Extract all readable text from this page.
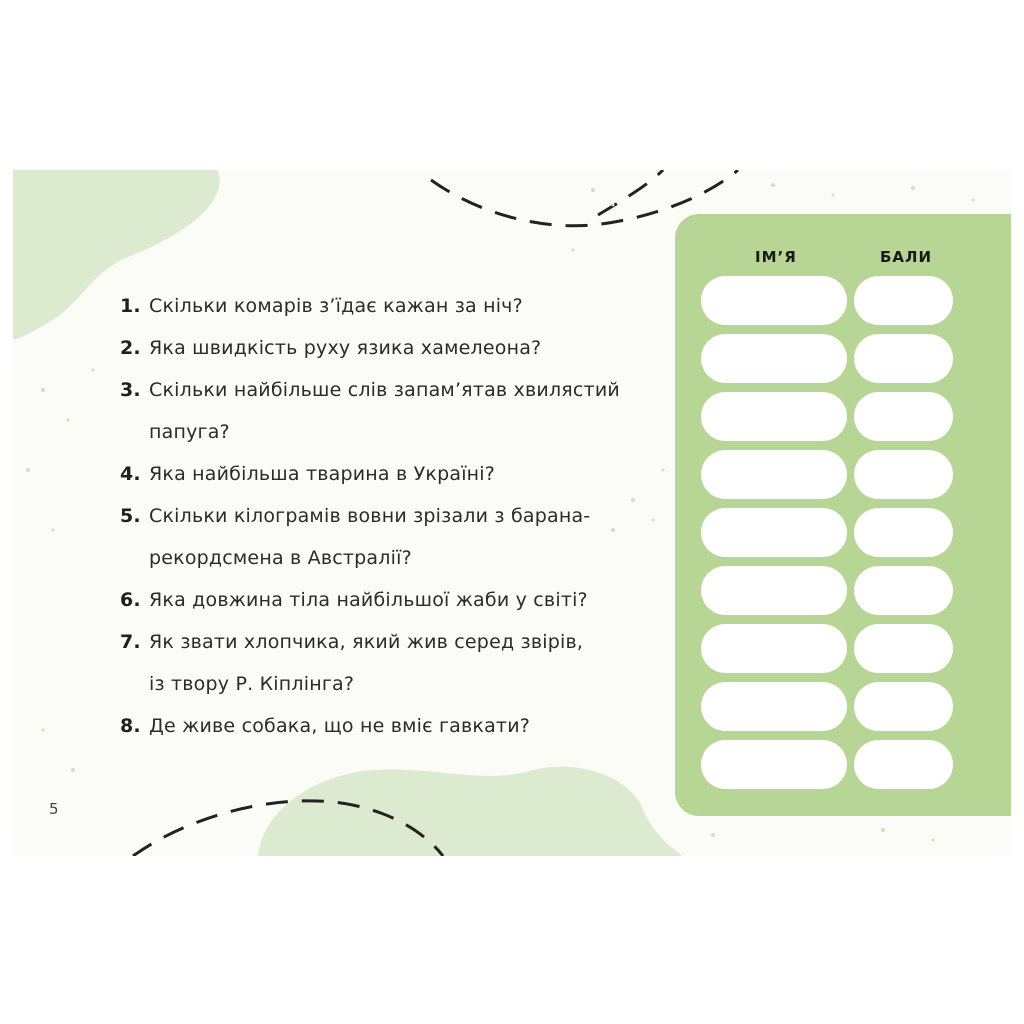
1. Скільки комарів з’їдає кажан за ніч?
2. Яка швидкість руху язика хамелеона?
3. Скільки найбільше слів запам’ятав хвилястий
папуга?
4. Яка найбільша тварина в Україні?
5. Скільки кілограмів вовни зрізали з барана-
рекордсмена в Австралії?
6. Яка довжина тіла найбільшої жаби у світі?
7. Як звати хлопчика, який жив серед звірів,
із твору Р. Кіплінга?
8. Де живе собака, що не вміє гавкати?
5
ІМ’Я	БАЛИ
